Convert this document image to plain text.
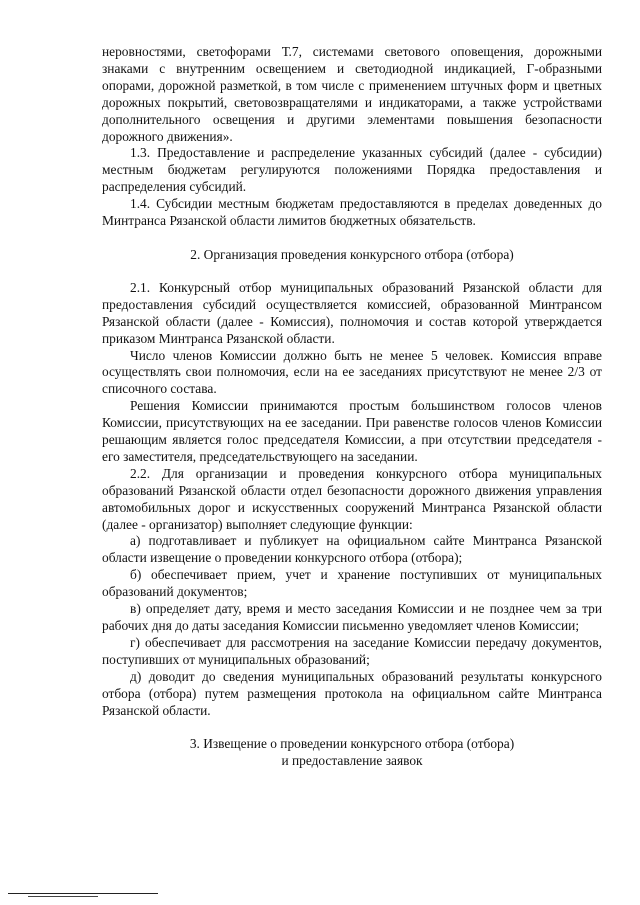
неровностями, светофорами Т.7, системами светового оповещения, дорожными знаками с внутренним освещением и светодиодной индикацией, Г-образными опорами, дорожной разметкой, в том числе с применением штучных форм и цветных дорожных покрытий, световозвращателями и индикаторами, а также устройствами дополнительного освещения и другими элементами повышения безопасности дорожного движения».

1.3. Предоставление и распределение указанных субсидий (далее - субсидии) местным бюджетам регулируются положениями Порядка предоставления и распределения субсидий.

1.4. Субсидии местным бюджетам предоставляются в пределах доведенных до Минтранса Рязанской области лимитов бюджетных обязательств.

2. Организация проведения конкурсного отбора (отбора)

2.1. Конкурсный отбор муниципальных образований Рязанской области для предоставления субсидий осуществляется комиссией, образованной Минтрансом Рязанской области (далее - Комиссия), полномочия и состав которой утверждается приказом Минтранса Рязанской области.

Число членов Комиссии должно быть не менее 5 человек. Комиссия вправе осуществлять свои полномочия, если на ее заседаниях присутствуют не менее 2/3 от списочного состава.

Решения Комиссии принимаются простым большинством голосов членов Комиссии, присутствующих на ее заседании. При равенстве голосов членов Комиссии решающим является голос председателя Комиссии, а при отсутствии председателя - его заместителя, председательствующего на заседании.

2.2. Для организации и проведения конкурсного отбора муниципальных образований Рязанской области отдел безопасности дорожного движения управления автомобильных дорог и искусственных сооружений Минтранса Рязанской области (далее - организатор) выполняет следующие функции:

а) подготавливает и публикует на официальном сайте Минтранса Рязанской области извещение о проведении конкурсного отбора (отбора);

б) обеспечивает прием, учет и хранение поступивших от муниципальных образований документов;

в) определяет дату, время и место заседания Комиссии и не позднее чем за три рабочих дня до даты заседания Комиссии письменно уведомляет членов Комиссии;

г) обеспечивает для рассмотрения на заседание Комиссии передачу документов, поступивших от муниципальных образований;

д) доводит до сведения муниципальных образований результаты конкурсного отбора (отбора) путем размещения протокола на официальном сайте Минтранса Рязанской области.

3. Извещение о проведении конкурсного отбора (отбора)

и предоставление заявок
